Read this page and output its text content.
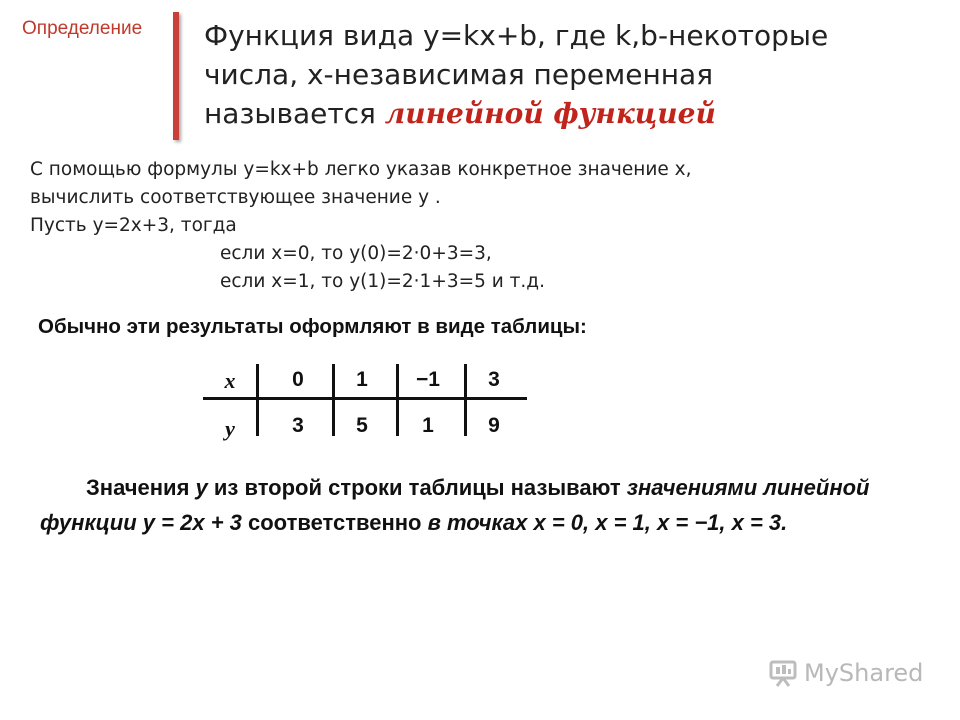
Определение Функция вида у=kx+b, где k,b-некоторые
числа, х-независимая переменная
называется линейной функцией
С помощью формулы у=kx+b легко указав конкретное значение х,
вычислить соответствующее значение у .
Пусть у=2х+3, тогда
если х=0, то у(0)=2·0+3=3,
если х=1, то у(1)=2·1+3=5 и т.д.
Обычно эти результаты оформляют в виде таблицы:
x	0 1 −1 3
y	3 5	1	9
Значения у из второй строки таблицы называют значениями линейной функции у = 2х + 3 соответственно в точках х = 0, х = 1, х = −1, х = 3.
MyShared
